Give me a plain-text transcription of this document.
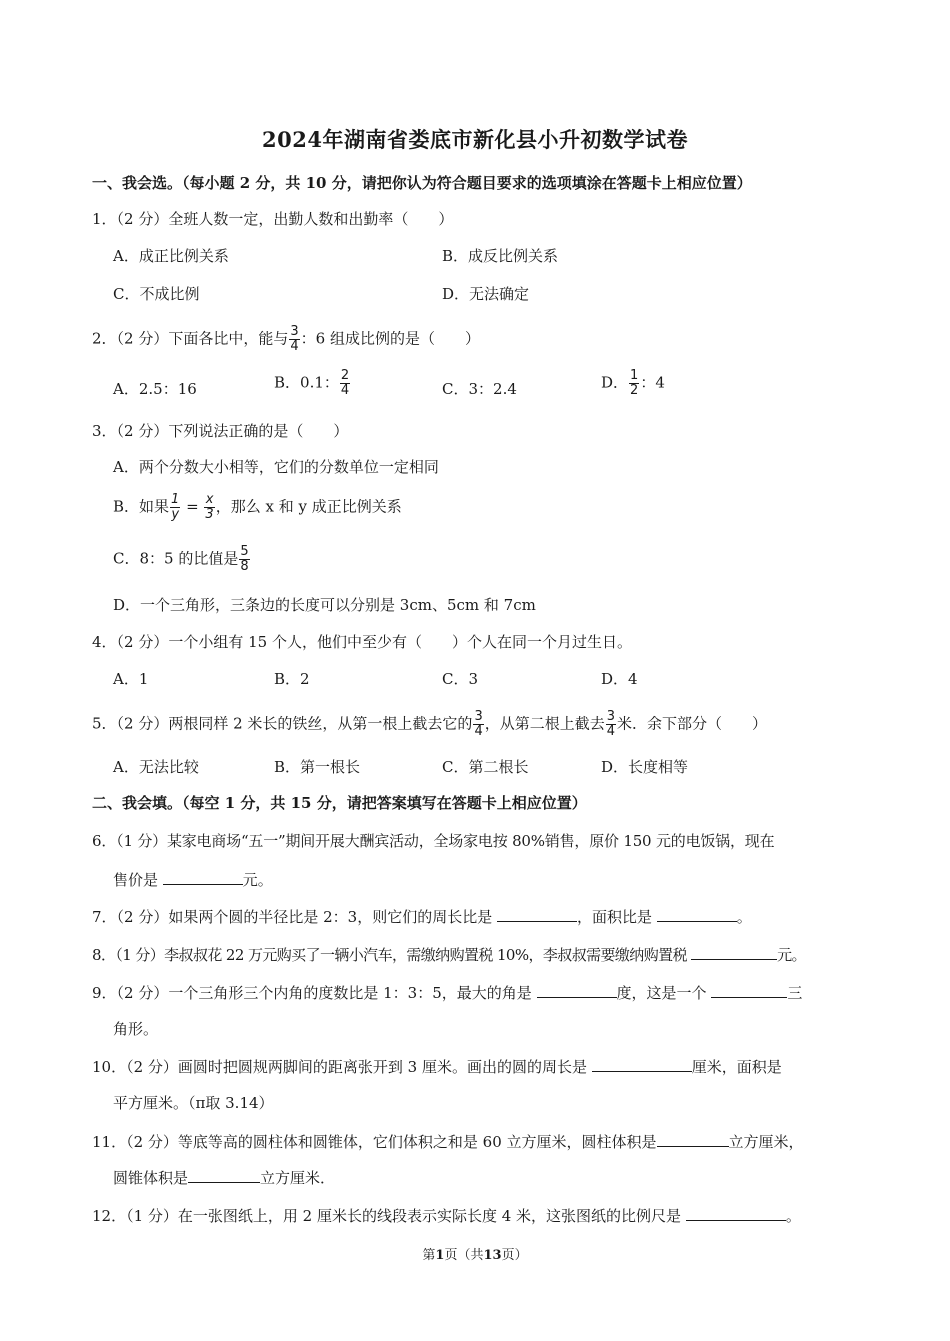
2024年湖南省娄底市新化县小升初数学试卷
一、我会选。（每小题 2 分，共 10 分，请把你认为符合题目要求的选项填涂在答题卡上相应位置）
1．（2 分）全班人数一定，出勤人数和出勤率（　　）
A．成正比例关系	B．成反比例关系
C．不成比例	D．无法确定
2．（2 分）下面各比中，能与 $\frac{3}{4}$ ：6 组成比例的是（　　）
A．2.5：16	B．0.1： $\frac{2}{4}$	C．3：2.4	D． $\frac{1}{2}$ ：4
3．（2 分）下列说法正确的是（　　）
A．两个分数大小相等，它们的分数单位一定相同
B．如果 $\frac{1}{y} = \frac{x}{3}$ ，那么 x 和 y 成正比例关系
C．8：5 的比值是 $\frac{5}{8}$
D．一个三角形，三条边的长度可以分别是 3cm、5cm 和 7cm
4．（2 分）一个小组有 15 个人，他们中至少有（　　）个人在同一个月过生日。
A．1	B．2	C．3	D．4
5．（2 分）两根同样 2 米长的铁丝，从第一根上截去它的 $\frac{3}{4}$ ，从第二根上截去 $\frac{3}{4}$ 米．余下部分（　　）
A．无法比较	B．第一根长	C．第二根长	D．长度相等
二、我会填。（每空 1 分，共 15 分，请把答案填写在答题卡上相应位置）
6．（1 分）某家电商场“五一”期间开展大酬宾活动，全场家电按 80%销售，原价 150 元的电饭锅，现在
售价是	元。
7．（2 分）如果两个圆的半径比是 2：3，则它们的周长比是	，面积比是	。
8．（1 分）李叔叔花 22 万元购买了一辆小汽车，需缴纳购置税 10%，李叔叔需要缴纳购置税	元。
9．（2 分）一个三角形三个内角的度数比是 1：3：5，最大的角是	度，这是一个	三
角形。
10．（2 分）画圆时把圆规两脚间的距离张开到 3 厘米。画出的圆的周长是	厘米，面积是
平方厘米。（π取 3.14）
11．（2 分）等底等高的圆柱体和圆锥体，它们体积之和是 60 立方厘米，圆柱体积是	立方厘米，
圆锥体积是	立方厘米．
12．（1 分）在一张图纸上，用 2 厘米长的线段表示实际长度 4 米，这张图纸的比例尺是	。
第1页（共13页）
